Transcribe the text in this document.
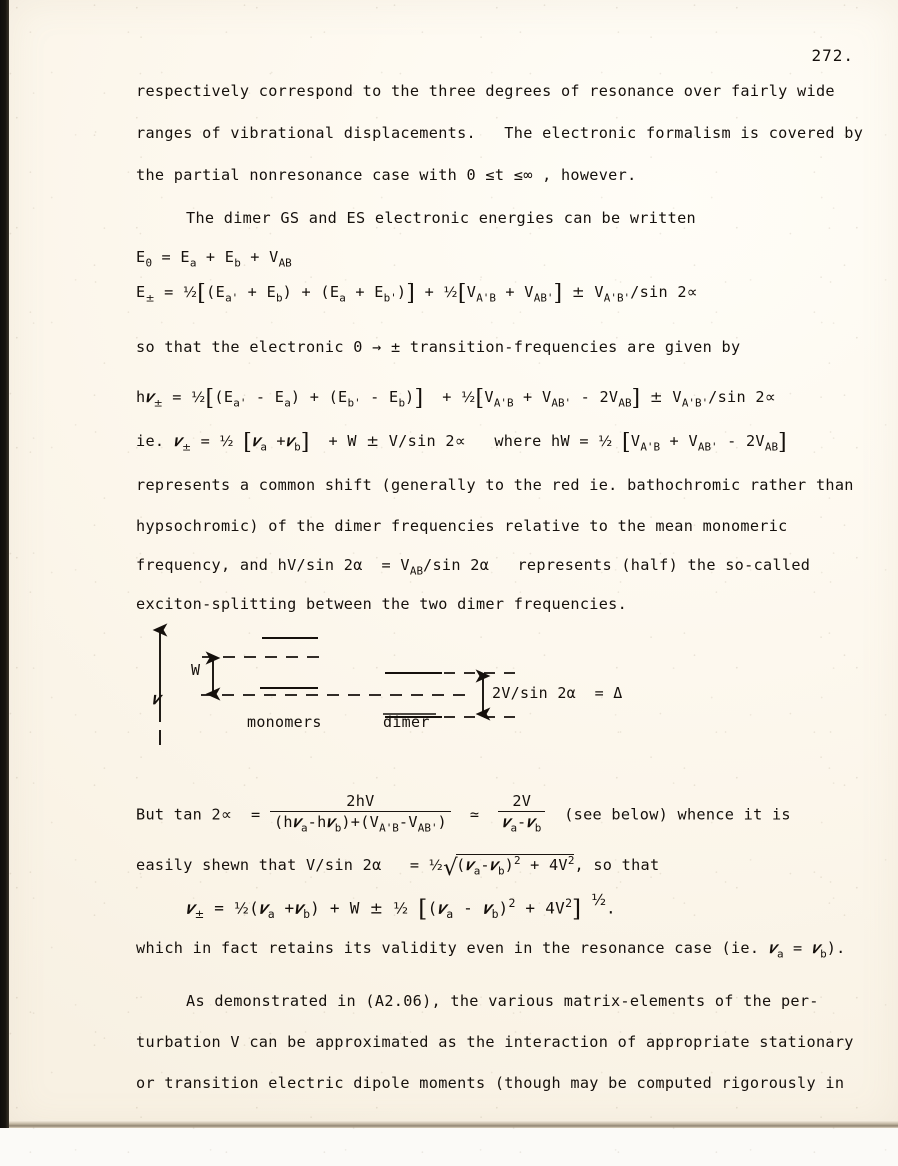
272.
respectively correspond to the three degrees of resonance over fairly wide
ranges of vibrational displacements.   The electronic formalism is covered by
the partial nonresonance case with 0 ≤t ≤∞ , however.
The dimer GS and ES electronic energies can be written
$E_0 = E_a + E_b + V_{AB}$
$E_\pm$ = $\frac{1}{2}[(E_{a'} + E_b) + (E_a + E_{b'})]$ + $\frac{1}{2}[V_{A'B} + V_{AB'}] \pm V_{A'B'}/\sin$ 2∝
so that the electronic 0 → ± transition-frequencies are given by
h𝜈$_\pm$ = $\frac{1}{2}[(E_{a'} - E_a) + (E_{b'} - E_b)]$  + $\frac{1}{2}[V_{A'B} + V_{AB'} - 2V_{AB}] \pm V_{A'B'}/\sin$ 2∝
ie. 𝜈$_\pm$ = ½ [𝜈$_a$ +𝜈$_b$]  + W ± V/sin 2∝   where hW = ½ $[V_{A'B} + V_{AB'} - 2V_{AB}]$
represents a common shift (generally to the red ie. bathochromic rather than
hypsochromic) of the dimer frequencies relative to the mean monomeric
frequency, and hV/sin $2\alpha = V_{AB}/\sin$ 2α   represents (half) the so-called
exciton-splitting between the two dimer frequencies.
𝜈
W
monomers	dimer
2V/sin 2α  = Δ
But $\tan 2\propto = \frac{2hV}{(h𝜈_a-h𝜈_b)+(V_{A'B}-V_{AB'})}$ ≃ $\frac{2V}{𝜈_a-𝜈_b} (see$ below) whence it is
easily shewn that V/sin 2α   = ½ √
(𝜈$_a$-𝜈$_b$)$^2$ + $4V^2$ , so that
𝜈$_\pm$ = ½(𝜈$_a$ +𝜈$_b$) + W ± ½ [(𝜈$_a$ - 𝜈$_b$)$^2$ + $4V^2$] $^{\frac{1}{2}}$.
which in fact retains its validity even in the resonance case (ie. 𝜈$_a$ = 𝜈$_b$).
As demonstrated in (A2.06), the various matrix-elements of the per-
turbation V can be approximated as the interaction of appropriate stationary
or transition electric dipole moments (though may be computed rigorously in
